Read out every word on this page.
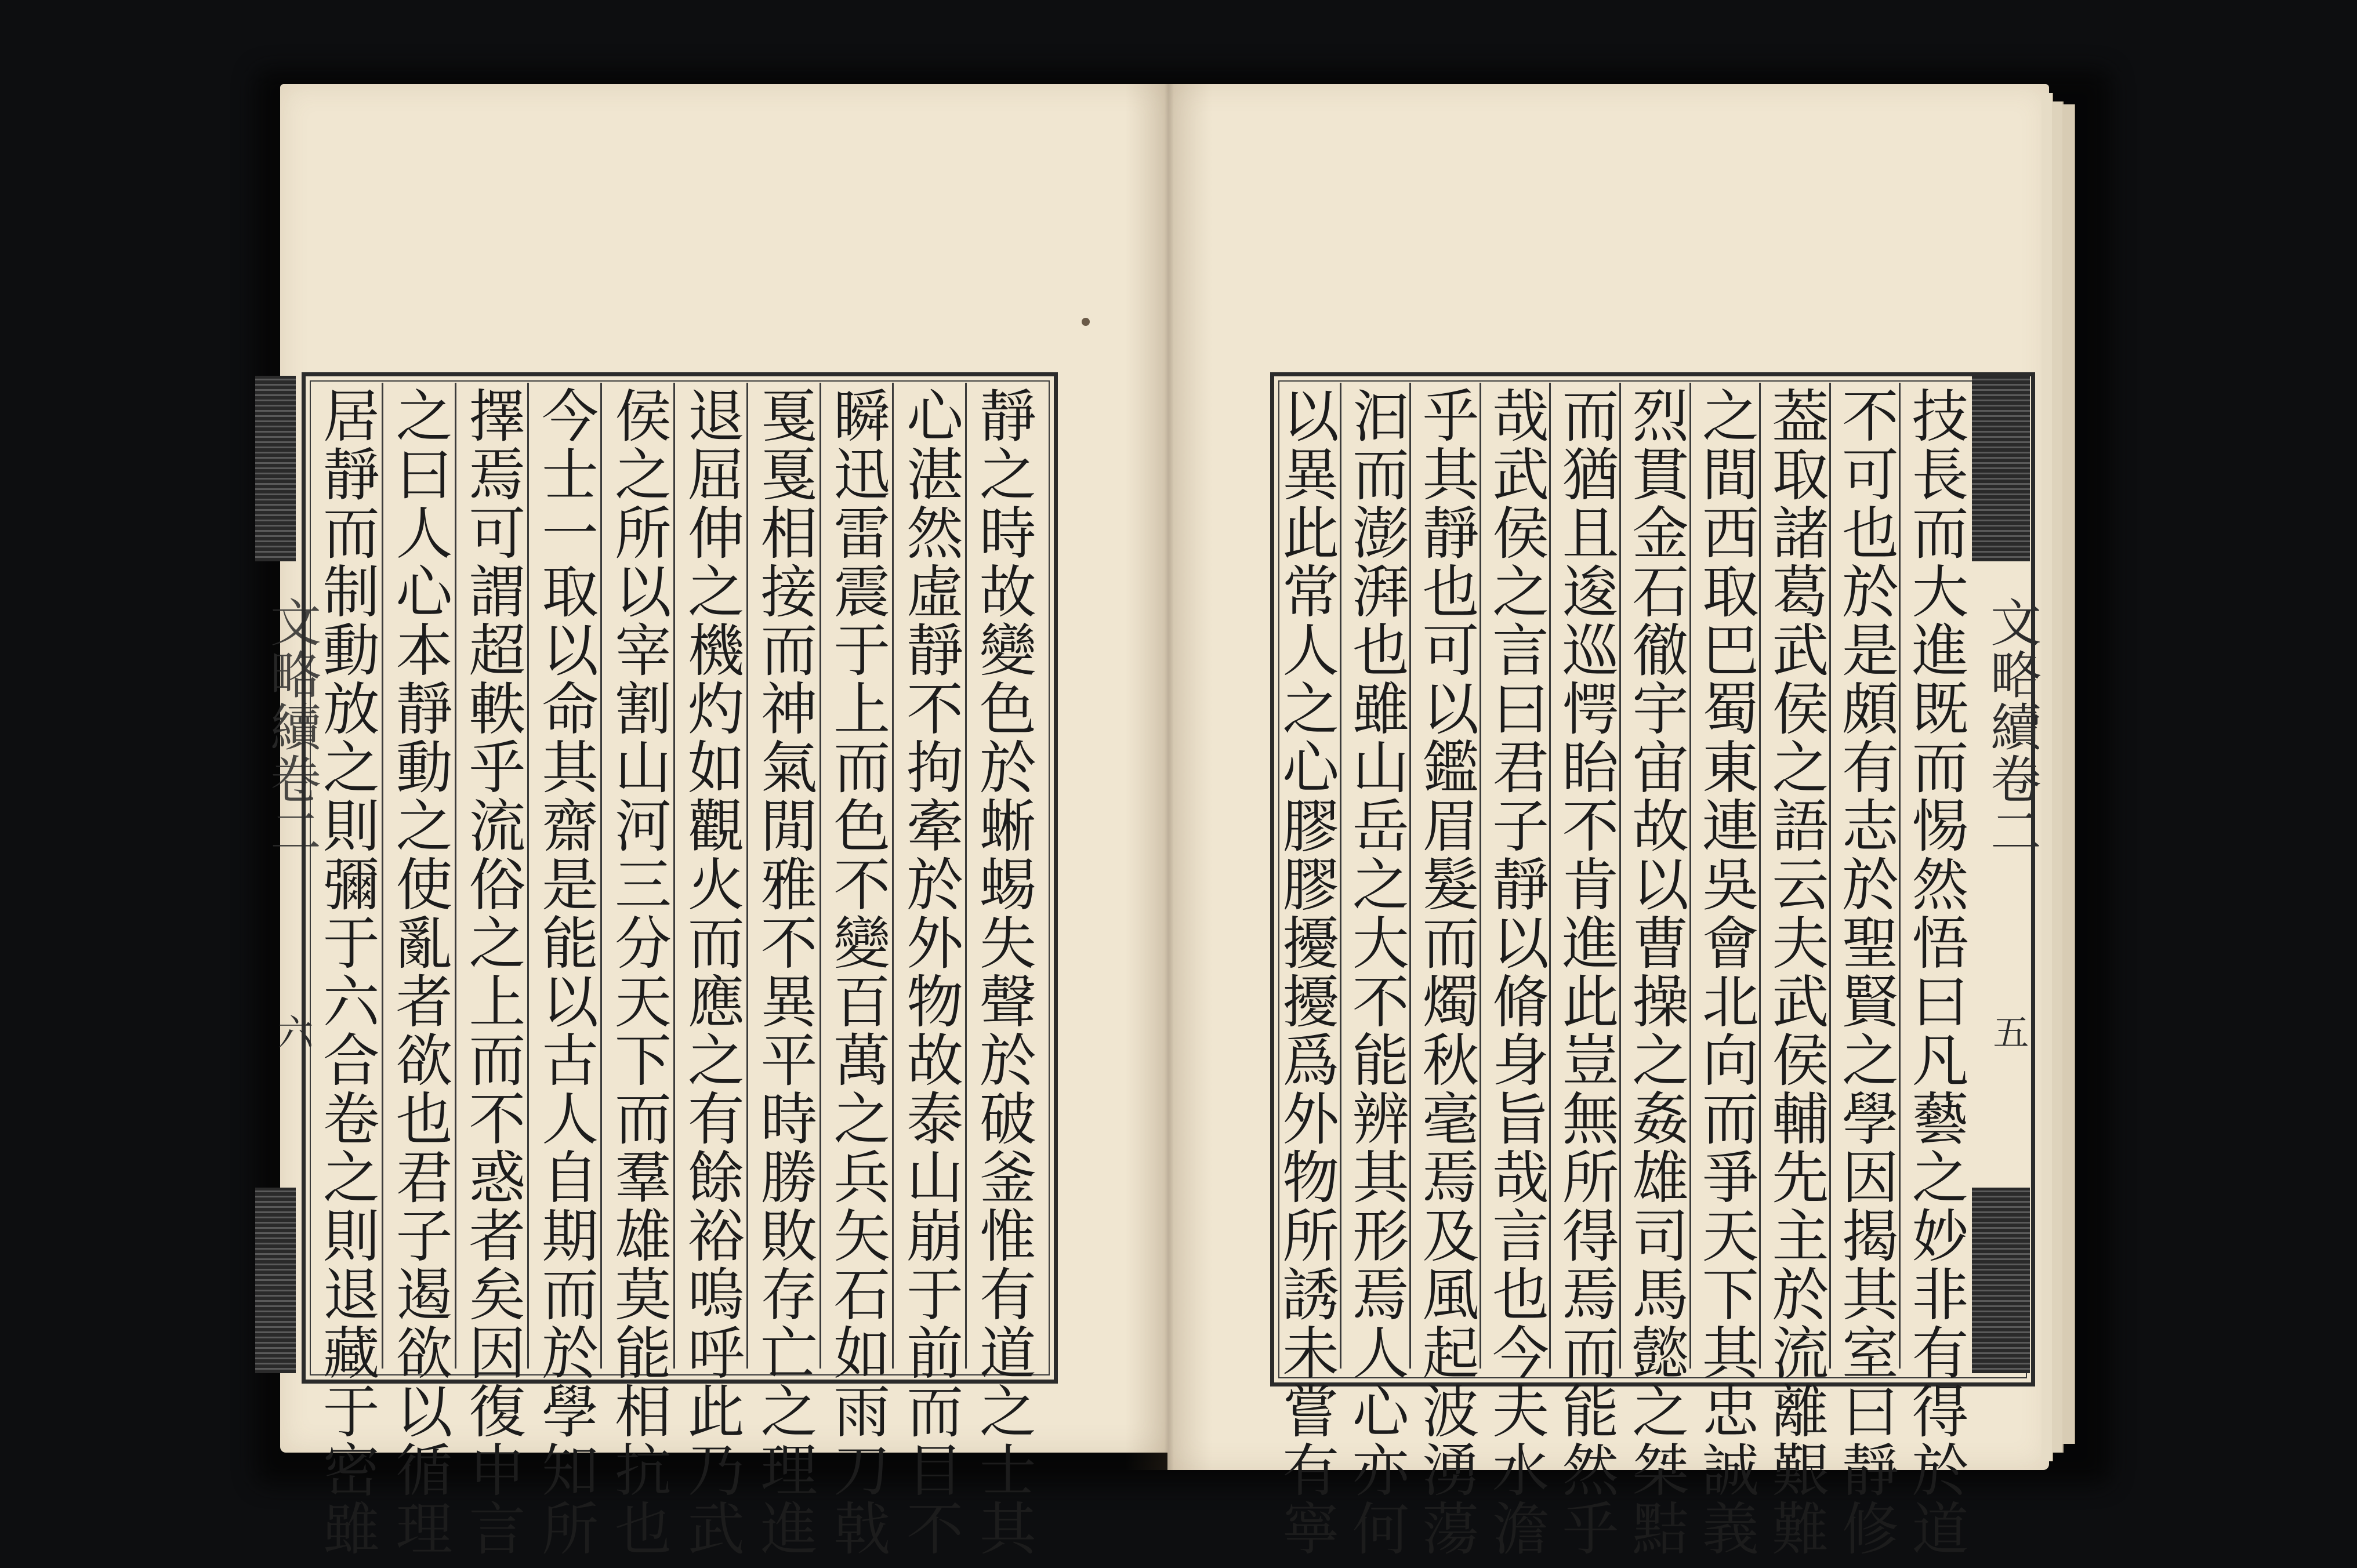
靜之時故變色於蜥蜴失聲於破釜惟有道之士其
心湛然虛靜不拘牽於外物故泰山崩于前而目不
瞬迅雷震于上而色不變百萬之兵矢石如雨刀戟
戛戛相接而神氣閒雅不異平時勝敗存亡之理進
退屈伸之機灼如觀火而應之有餘裕嗚呼此乃武
侯之所以宰割山河三分天下而羣雄莫能相抗也
今士一取以命其齋是能以古人自期而於學知所
擇焉可謂超軼乎流俗之上而不惑者矣因復申言
之曰人心本靜動之使亂者欲也君子遏欲以循理
居靜而制動放之則彌于六合卷之則退藏于密雖
文略續卷二
六	技長而大進既而惕然悟曰凡藝之妙非有得於道
不可也於是頗有志於聖賢之學因揭其室曰靜修
葢取諸葛武侯之語云夫武侯輔先主於流離艱難
之間西取巴蜀東連吳會北向而爭天下其忠誠義
烈貫金石徹宇宙故以曹操之姦雄司馬懿之桀黠
而猶且逡巡愕眙不肯進此豈無所得焉而能然乎
哉武侯之言曰君子靜以脩身旨哉言也今夫水澹
乎其靜也可以鑑眉髮而燭秋毫焉及風起波湧蕩
汩而澎湃也雖山岳之大不能辨其形焉人心亦何
以異此常人之心膠膠擾擾爲外物所誘未嘗有寧	文略續卷二
五
